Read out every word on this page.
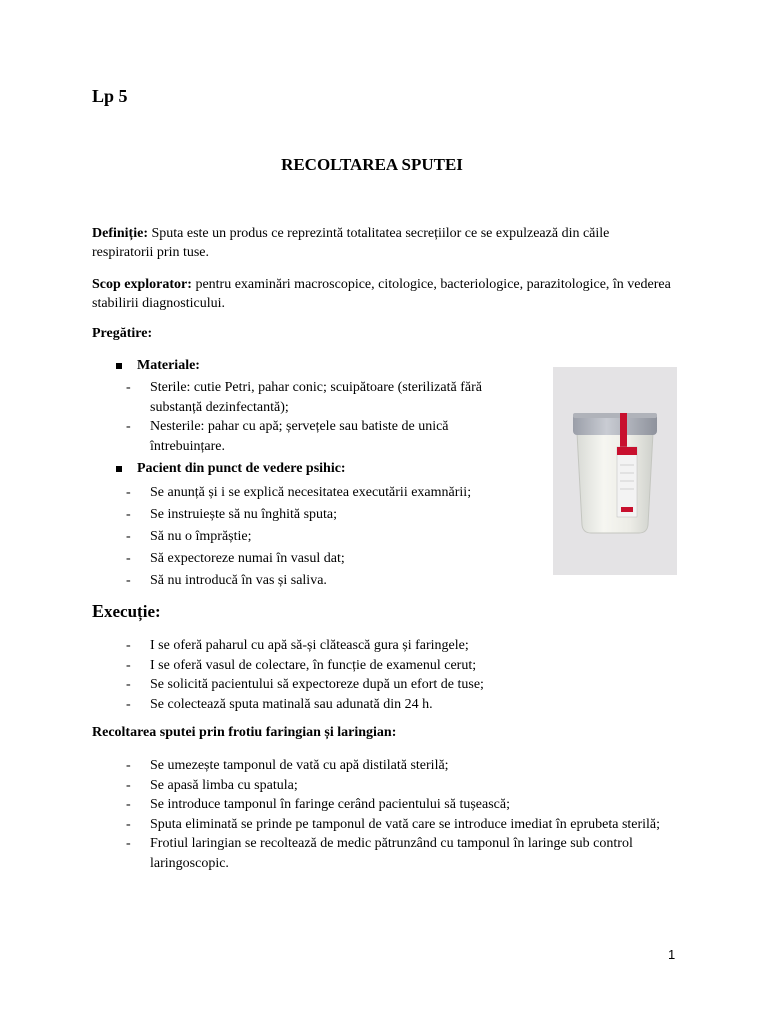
Lp 5
RECOLTAREA SPUTEI
Definiție: Sputa este un produs ce reprezintă totalitatea secrețiilor ce se expulzează din căile respiratorii prin tuse.
Scop explorator: pentru examinări macroscopice, citologice, bacteriologice, parazitologice, în vederea stabilirii diagnosticului.
Pregătire:
Materiale:
- Sterile: cutie Petri, pahar conic; scuipătoare (sterilizată fără substanță dezinfectantă);
- Nesterile: pahar cu apă; șervețele sau batiste de unică întrebuințare.
Pacient din punct de vedere psihic:
- Se anunță și i se explică necesitatea executării examnării;
- Se instruiește să nu înghită sputa;
- Să nu o împrăștie;
- Să expectoreze numai în vasul dat;
- Să nu introducă în vas și saliva.
Execuție:
- I se oferă paharul cu apă să-și clătească gura și faringele;
- I se oferă vasul de colectare, în funcție de examenul cerut;
- Se solicită pacientului să expectoreze după un efort de tuse;
- Se colectează sputa matinală sau adunată din 24 h.
Recoltarea sputei prin frotiu faringian și laringian:
- Se umezește tamponul de vată cu apă distilată sterilă;
- Se apasă limba cu spatula;
- Se introduce tamponul în faringe cerând pacientului să tușească;
- Sputa eliminată se prinde pe tamponul de vată care se introduce imediat în eprubeta sterilă;
- Frotiul laringian se recoltează de medic pătrunzând cu tamponul în laringe sub control laringoscopic.
1
